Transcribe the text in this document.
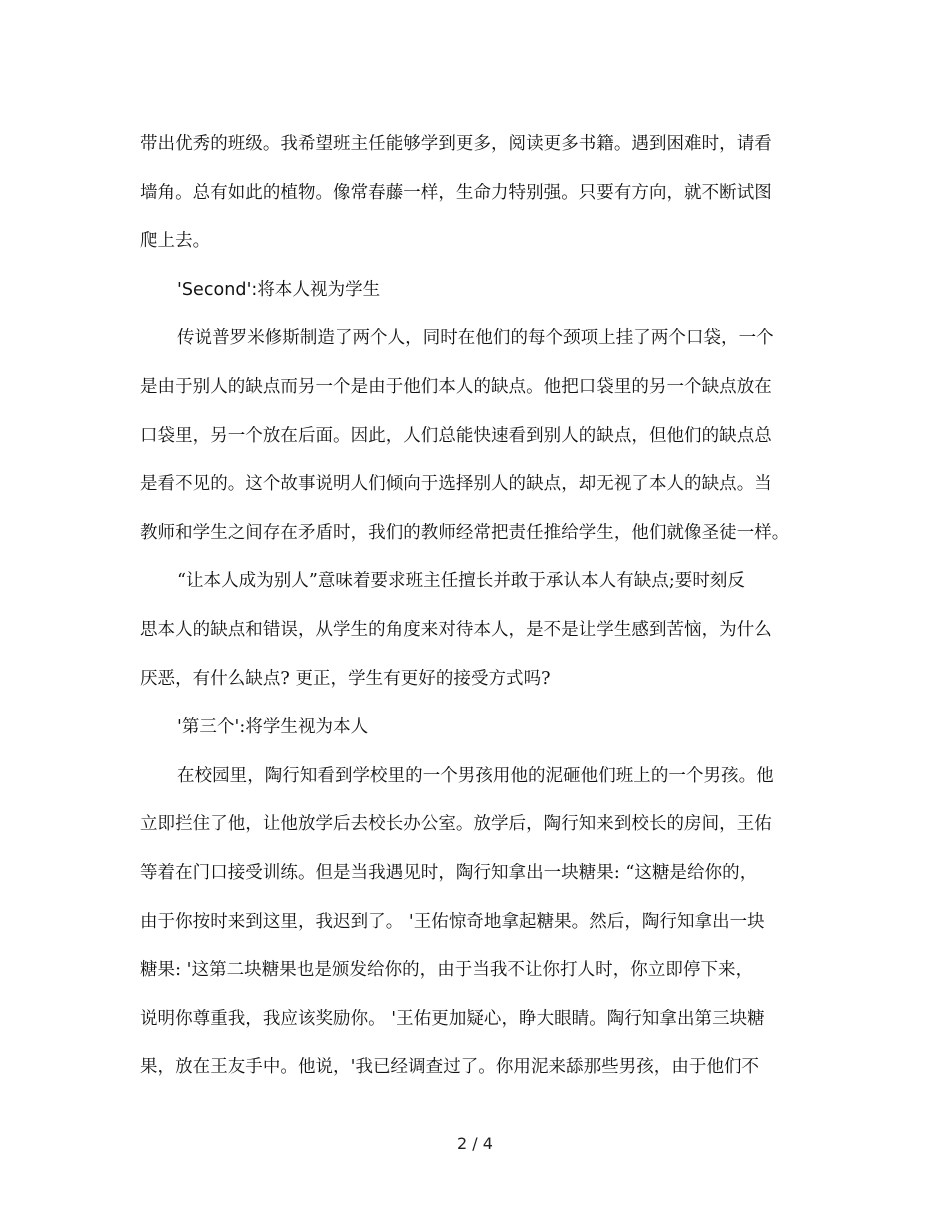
带出优秀的班级。我希望班主任能够学到更多，阅读更多书籍。遇到困难时，请看
墙角。总有如此的植物。像常春藤一样，生命力特别强。只要有方向，就不断试图
爬上去。
'Second':将本人视为学生
传说普罗米修斯制造了两个人，同时在他们的每个颈项上挂了两个口袋，一个
是由于别人的缺点而另一个是由于他们本人的缺点。他把口袋里的另一个缺点放在
口袋里，另一个放在后面。因此，人们总能快速看到别人的缺点，但他们的缺点总
是看不见的。这个故事说明人们倾向于选择别人的缺点，却无视了本人的缺点。当
教师和学生之间存在矛盾时，我们的教师经常把责任推给学生，他们就像圣徒一样。
“让本人成为别人”意味着要求班主任擅长并敢于承认本人有缺点;要时刻反
思本人的缺点和错误，从学生的角度来对待本人，是不是让学生感到苦恼，为什么
厌恶，有什么缺点? 更正，学生有更好的接受方式吗?
'第三个':将学生视为本人
在校园里，陶行知看到学校里的一个男孩用他的泥砸他们班上的一个男孩。他
立即拦住了他，让他放学后去校长办公室。放学后，陶行知来到校长的房间，王佑
等着在门口接受训练。但是当我遇见时，陶行知拿出一块糖果: “这糖是给你的，
由于你按时来到这里，我迟到了。 '王佑惊奇地拿起糖果。然后，陶行知拿出一块
糖果: '这第二块糖果也是颁发给你的，由于当我不让你打人时，你立即停下来，
说明你尊重我，我应该奖励你。 '王佑更加疑心，睁大眼睛。陶行知拿出第三块糖
果，放在王友手中。他说，'我已经调查过了。你用泥来舔那些男孩，由于他们不
2 / 4
